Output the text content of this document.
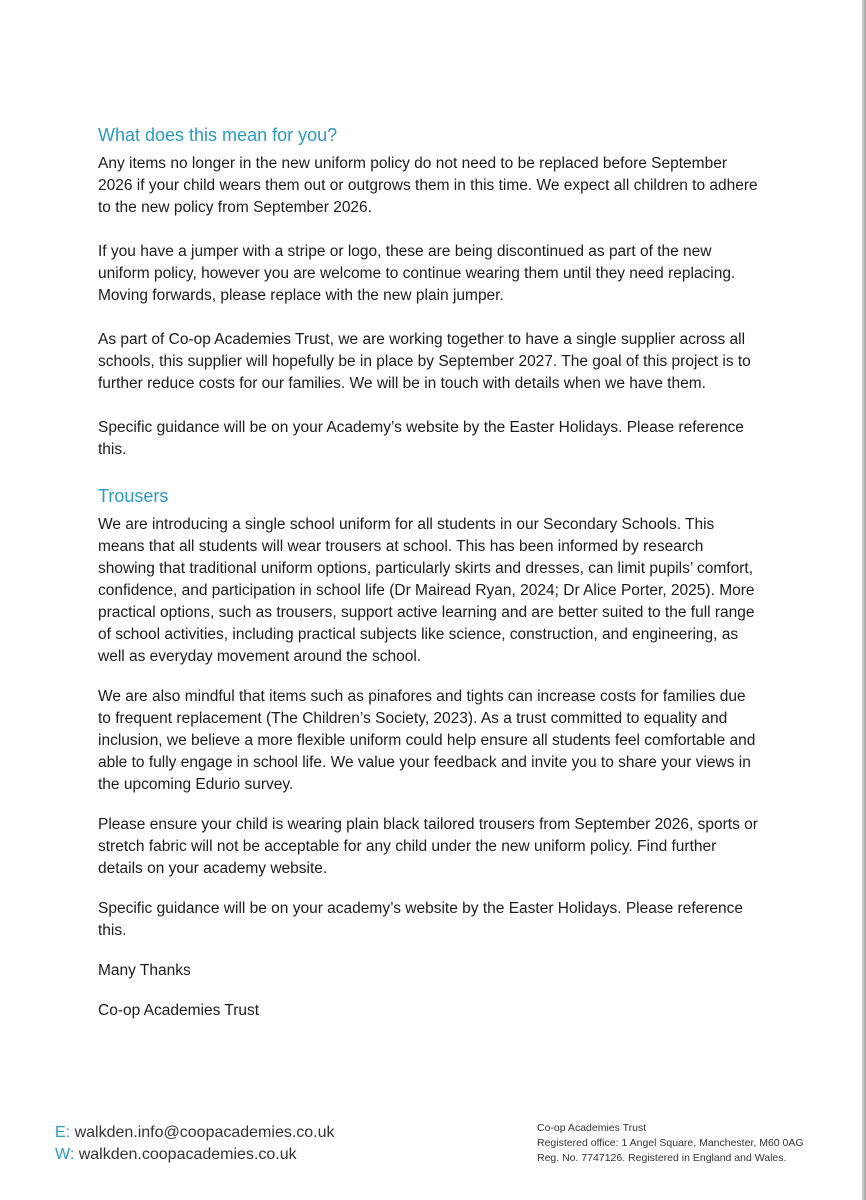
What does this mean for you?

Any items no longer in the new uniform policy do not need to be replaced before September 2026 if your child wears them out or outgrows them in this time. We expect all children to adhere to the new policy from September 2026.

If you have a jumper with a stripe or logo, these are being discontinued as part of the new uniform policy, however you are welcome to continue wearing them until they need replacing. Moving forwards, please replace with the new plain jumper.

As part of Co-op Academies Trust, we are working together to have a single supplier across all schools, this supplier will hopefully be in place by September 2027. The goal of this project is to further reduce costs for our families. We will be in touch with details when we have them.

Specific guidance will be on your Academy’s website by the Easter Holidays. Please reference this.

Trousers

We are introducing a single school uniform for all students in our Secondary Schools. This means that all students will wear trousers at school. This has been informed by research showing that traditional uniform options, particularly skirts and dresses, can limit pupils’ comfort, confidence, and participation in school life (Dr Mairead Ryan, 2024; Dr Alice Porter, 2025). More practical options, such as trousers, support active learning and are better suited to the full range of school activities, including practical subjects like science, construction, and engineering, as well as everyday movement around the school.

We are also mindful that items such as pinafores and tights can increase costs for families due to frequent replacement (The Children’s Society, 2023). As a trust committed to equality and inclusion, we believe a more flexible uniform could help ensure all students feel comfortable and able to fully engage in school life. We value your feedback and invite you to share your views in the upcoming Edurio survey.

Please ensure your child is wearing plain black tailored trousers from September 2026, sports or stretch fabric will not be acceptable for any child under the new uniform policy. Find further details on your academy website.

Specific guidance will be on your academy’s website by the Easter Holidays. Please reference this.

Many Thanks

Co-op Academies Trust

E: walkden.info@coopacademies.co.uk
W: walkden.coopacademies.co.uk
Co-op Academies Trust
Registered office: 1 Angel Square, Manchester, M60 0AG
Reg. No. 7747126. Registered in England and Wales.
